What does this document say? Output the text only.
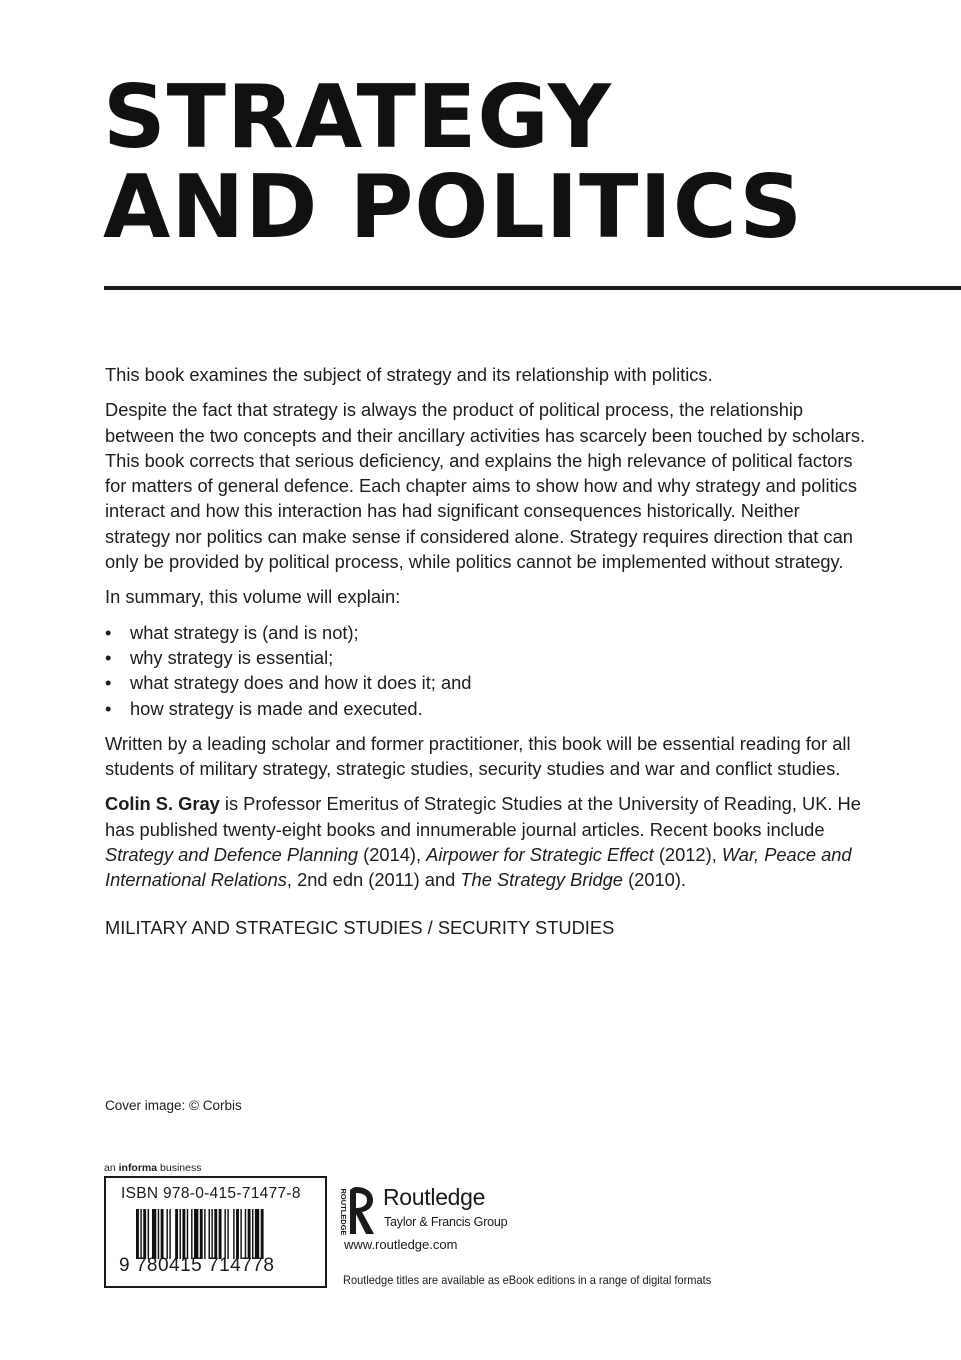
STRATEGY
AND POLITICS

This book examines the subject of strategy and its relationship with politics.

Despite the fact that strategy is always the product of political process, the relationship between the two concepts and their ancillary activities has scarcely been touched by scholars. This book corrects that serious deficiency, and explains the high relevance of political factors for matters of general defence. Each chapter aims to show how and why strategy and politics interact and how this interaction has had significant consequences historically. Neither strategy nor politics can make sense if considered alone. Strategy requires direction that can only be provided by political process, while politics cannot be implemented without strategy.

In summary, this volume will explain:

• what strategy is (and is not);
• why strategy is essential;
• what strategy does and how it does it; and
• how strategy is made and executed.

Written by a leading scholar and former practitioner, this book will be essential reading for all students of military strategy, strategic studies, security studies and war and conflict studies.

Colin S. Gray is Professor Emeritus of Strategic Studies at the University of Reading, UK. He has published twenty-eight books and innumerable journal articles. Recent books include Strategy and Defence Planning (2014), Airpower for Strategic Effect (2012), War, Peace and International Relations, 2nd edn (2011) and The Strategy Bridge (2010).

MILITARY AND STRATEGIC STUDIES / SECURITY STUDIES

Cover image: © Corbis
an informa business
ISBN 978-0-415-71477-8
9 780415 714778
ROUTLEDGE Routledge
Taylor & Francis Group
www.routledge.com
Routledge titles are available as eBook editions in a range of digital formats
